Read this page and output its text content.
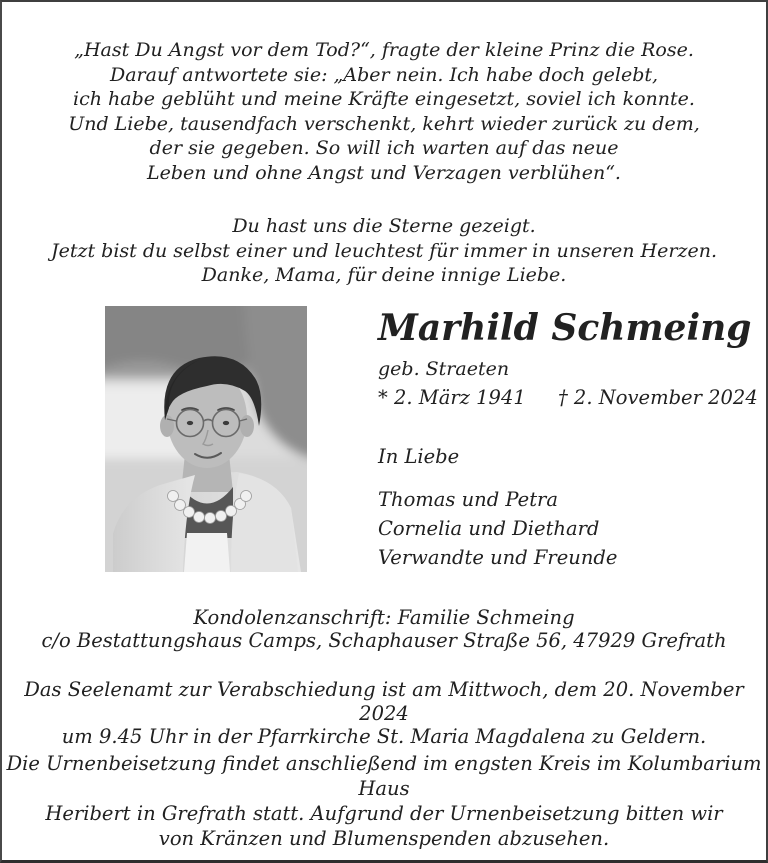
„Hast Du Angst vor dem Tod?“, fragte der kleine Prinz die Rose.

Darauf antwortete sie: „Aber nein. Ich habe doch gelebt,

ich habe geblüht und meine Kräfte eingesetzt, soviel ich konnte.

Und Liebe, tausendfach verschenkt, kehrt wieder zurück zu dem,

der sie gegeben. So will ich warten auf das neue

Leben und ohne Angst und Verzagen verblühen“.

Du hast uns die Sterne gezeigt.

Jetzt bist du selbst einer und leuchtest für immer in unseren Herzen.

Danke, Mama, für deine innige Liebe.

Marhild Schmeing
geb. Straeten
* 2. März 1941 † 2. November 2024
In Liebe

Thomas und Petra

Cornelia und Diethard

Verwandte und Freunde

Kondolenzanschrift: Familie Schmeing

c/o Bestattungshaus Camps, Schaphauser Straße 56, 47929 Grefrath

Das Seelenamt zur Verabschiedung ist am Mittwoch, dem 20. November 2024

um 9.45 Uhr in der Pfarrkirche St. Maria Magdalena zu Geldern.

Die Urnenbeisetzung findet anschließend im engsten Kreis im Kolumbarium Haus

Heribert in Grefrath statt. Aufgrund der Urnenbeisetzung bitten wir

von Kränzen und Blumenspenden abzusehen.
